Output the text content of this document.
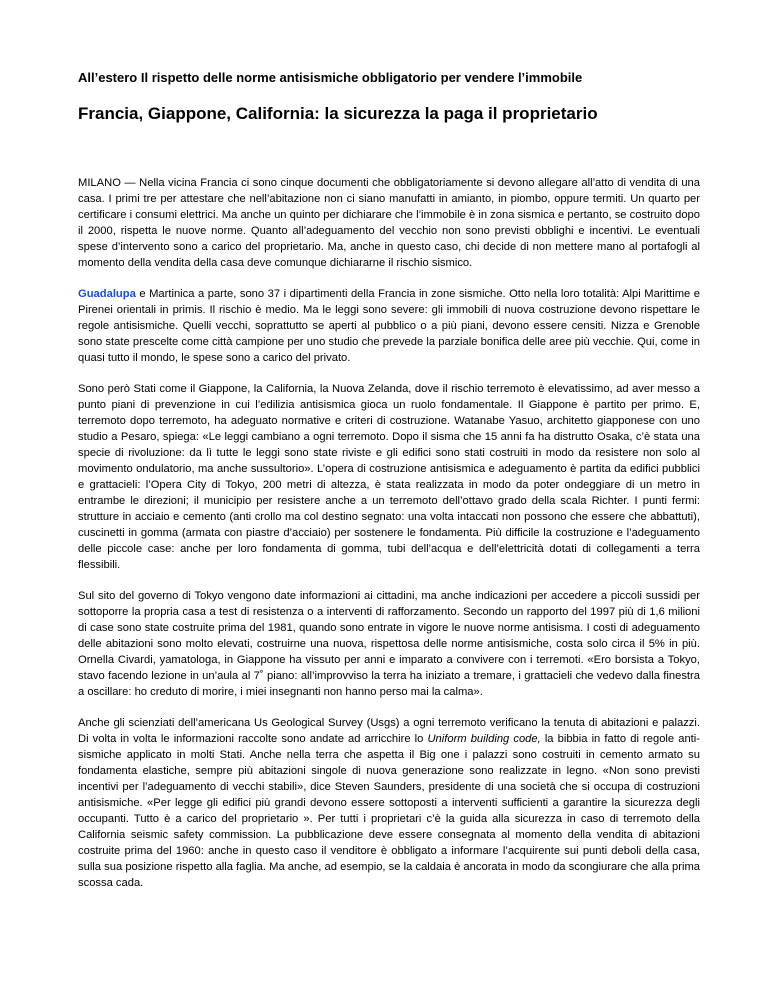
All’estero Il rispetto delle norme antisismiche obbligatorio per vendere l’immobile
Francia, Giappone, California: la sicurezza la paga il proprietario

MILANO — Nella vicina Francia ci sono cinque documenti che obbligatoriamente si devono allegare all’atto di vendita di una casa. I primi tre per attestare che nell’abitazione non ci siano manufatti in amianto, in piombo, oppure termiti. Un quarto per certificare i consumi elettrici. Ma anche un quinto per dichiarare che l’immobile è in zona sismica e pertanto, se costruito dopo il 2000, rispetta le nuove norme. Quanto all’adeguamento del vecchio non sono previsti obblighi e incentivi. Le eventuali spese d’intervento sono a carico del proprietario. Ma, anche in questo caso, chi decide di non mettere mano al portafogli al momento della vendita della casa deve comunque dichiararne il rischio sismico.

Guadalupa e Martinica a parte, sono 37 i dipartimenti della Francia in zone sismiche. Otto nella loro totalità: Alpi Marittime e Pirenei orientali in primis. Il rischio è medio. Ma le leggi sono severe: gli immobili di nuova costruzione devono rispettare le regole antisismiche. Quelli vecchi, soprattutto se aperti al pubblico o a più piani, devono essere censiti. Nizza e Grenoble sono state prescelte come città campione per uno studio che prevede la parziale bonifica delle aree più vecchie. Qui, come in quasi tutto il mondo, le spese sono a carico del privato.

Sono però Stati come il Giappone, la California, la Nuova Zelanda, dove il rischio terremoto è elevatissimo, ad aver messo a punto piani di prevenzione in cui l’edilizia antisismica gioca un ruolo fondamentale. Il Giappone è partito per primo. E, terremoto dopo terremoto, ha adeguato normative e criteri di costruzione. Watanabe Yasuo, architetto giapponese con uno studio a Pesaro, spiega: «Le leggi cambiano a ogni terremoto. Dopo il sisma che 15 anni fa ha distrutto Osaka, c’è stata una specie di rivoluzione: da lì tutte le leggi sono state riviste e gli edifici sono stati costruiti in modo da resistere non solo al movimento ondulatorio, ma anche sussultorio». L’opera di costruzione antisismica e adeguamento è partita da edifici pubblici e grattacieli: l’Opera City di Tokyo, 200 metri di altezza, è stata realizzata in modo da poter ondeggiare di un metro in entrambe le direzioni; il municipio per resistere anche a un terremoto dell’ottavo grado della scala Richter. I punti fermi: strutture in acciaio e cemento (anti crollo ma col destino segnato: una volta intaccati non possono che essere che abbattuti), cuscinetti in gomma (armata con piastre d’acciaio) per sostenere le fondamenta. Più difficile la costruzione e l’adeguamento delle piccole case: anche per loro fondamenta di gomma, tubi dell’acqua e dell’elettricità dotati di collegamenti a terra flessibili.

Sul sito del governo di Tokyo vengono date informazioni ai cittadini, ma anche indicazioni per accedere a piccoli sussidi per sottoporre la propria casa a test di resistenza o a interventi di rafforzamento. Secondo un rapporto del 1997 più di 1,6 milioni di case sono state costruite prima del 1981, quando sono entrate in vigore le nuove norme antisisma. I costi di adeguamento delle abitazioni sono molto elevati, costruirne una nuova, rispettosa delle norme antisismiche, costa solo circa il 5% in più. Ornella Civardi, yamatologa, in Giappone ha vissuto per anni e imparato a convivere con i terremoti. «Ero borsista a Tokyo, stavo facendo lezione in un’aula al 7˚ piano: all’improvviso la terra ha iniziato a tremare, i grattacieli che vedevo dalla finestra a oscillare: ho creduto di morire, i miei insegnanti non hanno perso mai la calma».

Anche gli scienziati dell’americana Us Geological Survey (Usgs) a ogni terremoto verificano la tenuta di abitazioni e palazzi. Di volta in volta le informazioni raccolte sono andate ad arricchire lo Uniform building code, la bibbia in fatto di regole anti-sismiche applicato in molti Stati. Anche nella terra che aspetta il Big one i palazzi sono costruiti in cemento armato su fondamenta elastiche, sempre più abitazioni singole di nuova generazione sono realizzate in legno. «Non sono previsti incentivi per l’adeguamento di vecchi stabili», dice Steven Saunders, presidente di una società che si occupa di costruzioni antisismiche. «Per legge gli edifici più grandi devono essere sottoposti a interventi sufficienti a garantire la sicurezza degli occupanti. Tutto è a carico del proprietario ». Per tutti i proprietari c’è la guida alla sicurezza in caso di terremoto della California seismic safety commission. La pubblicazione deve essere consegnata al momento della vendita di abitazioni costruite prima del 1960: anche in questo caso il venditore è obbligato a informare l’acquirente sui punti deboli della casa, sulla sua posizione rispetto alla faglia. Ma anche, ad esempio, se la caldaia è ancorata in modo da scongiurare che alla prima scossa cada.
